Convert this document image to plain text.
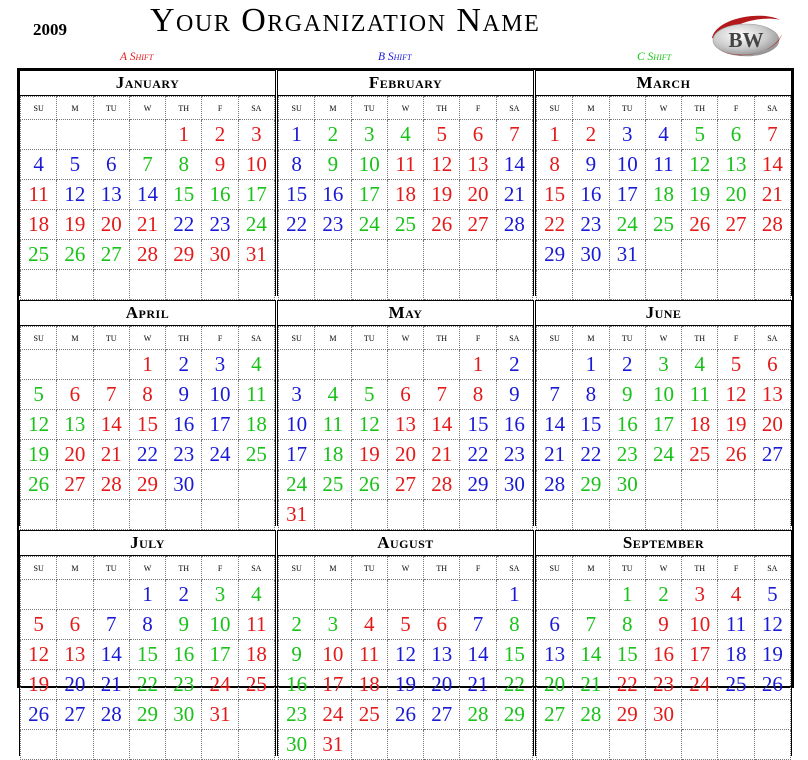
2009 Your Organization Name
A Shift	B Shift	C Shift
BW
January
su	m	tu	w	th	f	sa
				1	2	3
4	5	6	7	8	9	10
11	12	13	14	15	16	17
18	19	20	21	22	23	24
25	26	27	28	29	30	31

February
su	m	tu	w	th	f	sa
1	2	3	4	5	6	7
8	9	10	11	12	13	14
15	16	17	18	19	20	21
22	23	24	25	26	27	28

March
su	m	tu	w	th	f	sa
1	2	3	4	5	6	7
8	9	10	11	12	13	14
15	16	17	18	19	20	21
22	23	24	25	26	27	28
29	30	31				

April
su	m	tu	w	th	f	sa
			1	2	3	4
5	6	7	8	9	10	11
12	13	14	15	16	17	18
19	20	21	22	23	24	25
26	27	28	29	30		

May
su	m	tu	w	th	f	sa
					1	2
3	4	5	6	7	8	9
10	11	12	13	14	15	16
17	18	19	20	21	22	23
24	25	26	27	28	29	30
31						
June
su	m	tu	w	th	f	sa
	1	2	3	4	5	6
7	8	9	10	11	12	13
14	15	16	17	18	19	20
21	22	23	24	25	26	27
28	29	30				

July
su	m	tu	w	th	f	sa
			1	2	3	4
5	6	7	8	9	10	11
12	13	14	15	16	17	18
19	20	21	22	23	24	25
26	27	28	29	30	31	

August
su	m	tu	w	th	f	sa
						1
2	3	4	5	6	7	8
9	10	11	12	13	14	15
16	17	18	19	20	21	22
23	24	25	26	27	28	29
30	31					
September
su	m	tu	w	th	f	sa
		1	2	3	4	5
6	7	8	9	10	11	12
13	14	15	16	17	18	19
20	21	22	23	24	25	26
27	28	29	30			
